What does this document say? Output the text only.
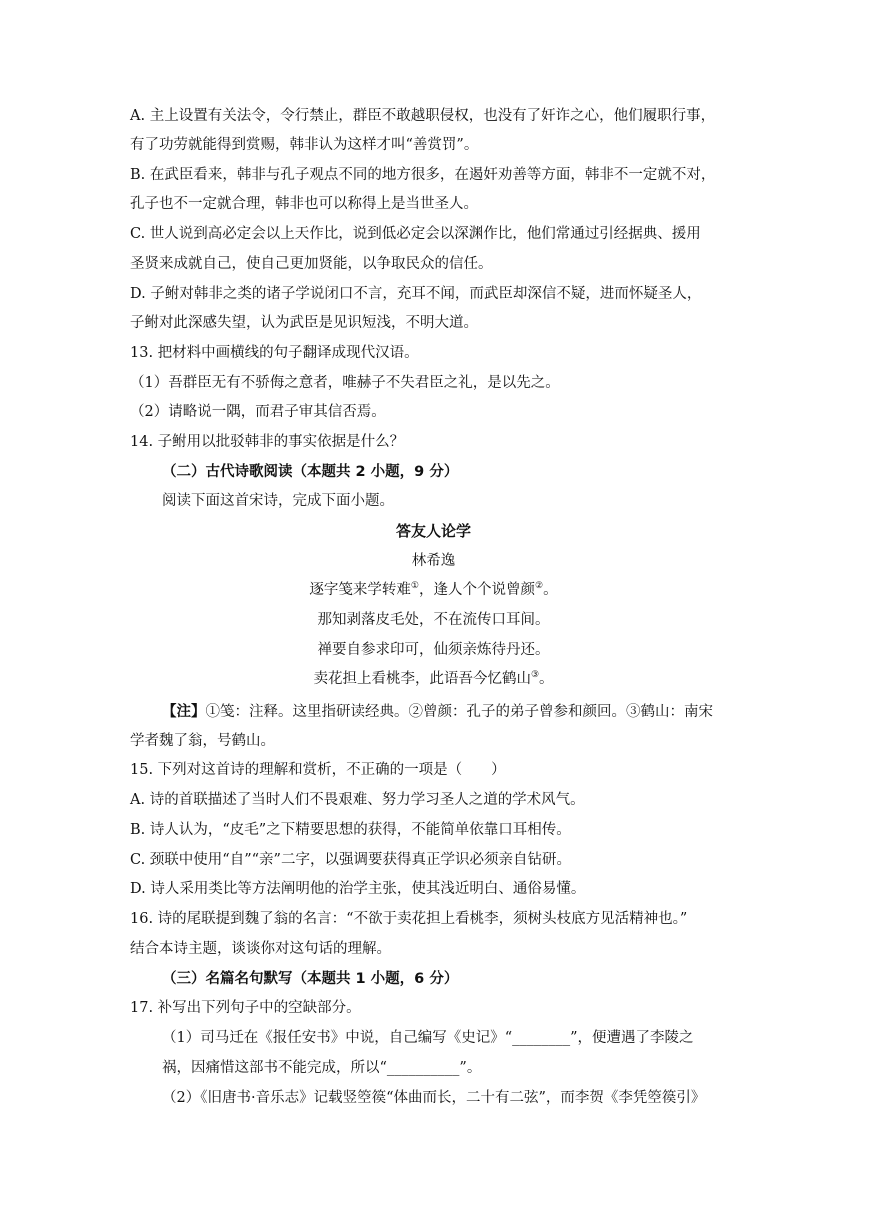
A. 主上设置有关法令，令行禁止，群臣不敢越职侵权，也没有了奸诈之心，他们履职行事，
有了功劳就能得到赏赐，韩非认为这样才叫“善赏罚”。
B. 在武臣看来，韩非与孔子观点不同的地方很多，在遏奸劝善等方面，韩非不一定就不对，
孔子也不一定就合理，韩非也可以称得上是当世圣人。
C. 世人说到高必定会以上天作比，说到低必定会以深渊作比，他们常通过引经据典、援用
圣贤来成就自己，使自己更加贤能，以争取民众的信任。
D. 子鲋对韩非之类的诸子学说闭口不言，充耳不闻，而武臣却深信不疑，进而怀疑圣人，
子鲋对此深感失望，认为武臣是见识短浅，不明大道。
13. 把材料中画横线的句子翻译成现代汉语。
（1）吾群臣无有不骄侮之意者，唯赫子不失君臣之礼，是以先之。
（2）请略说一隅，而君子审其信否焉。
14. 子鲋用以批驳韩非的事实依据是什么？
（二）古代诗歌阅读（本题共 2 小题，9 分）
阅读下面这首宋诗，完成下面小题。
答友人论学
林希逸
逐字笺来学转难①，逢人个个说曾颜②。
那知剥落皮毛处，不在流传口耳间。
禅要自参求印可，仙须亲炼待丹还。
卖花担上看桃李，此语吾今忆鹤山③。
【注】①笺：注释。这里指研读经典。②曾颜：孔子的弟子曾参和颜回。③鹤山：南宋
学者魏了翁，号鹤山。
15. 下列对这首诗的理解和赏析，不正确的一项是（　　）
A. 诗的首联描述了当时人们不畏艰难、努力学习圣人之道的学术风气。
B. 诗人认为，“皮毛”之下精要思想的获得，不能简单依靠口耳相传。
C. 颈联中使用“自”“亲”二字，以强调要获得真正学识必须亲自钻研。
D. 诗人采用类比等方法阐明他的治学主张，使其浅近明白、通俗易懂。
16. 诗的尾联提到魏了翁的名言：“不欲于卖花担上看桃李，须树头枝底方见活精神也。”
结合本诗主题，谈谈你对这句话的理解。
（三）名篇名句默写（本题共 1 小题，6 分）
17. 补写出下列句子中的空缺部分。
（1）司马迁在《报任安书》中说，自己编写《史记》“________”，便遭遇了李陵之
祸，因痛惜这部书不能完成，所以“__________”。
（2）《旧唐书·音乐志》记载竖箜篌“体曲而长，二十有二弦”，而李贺《李凭箜篌引》
